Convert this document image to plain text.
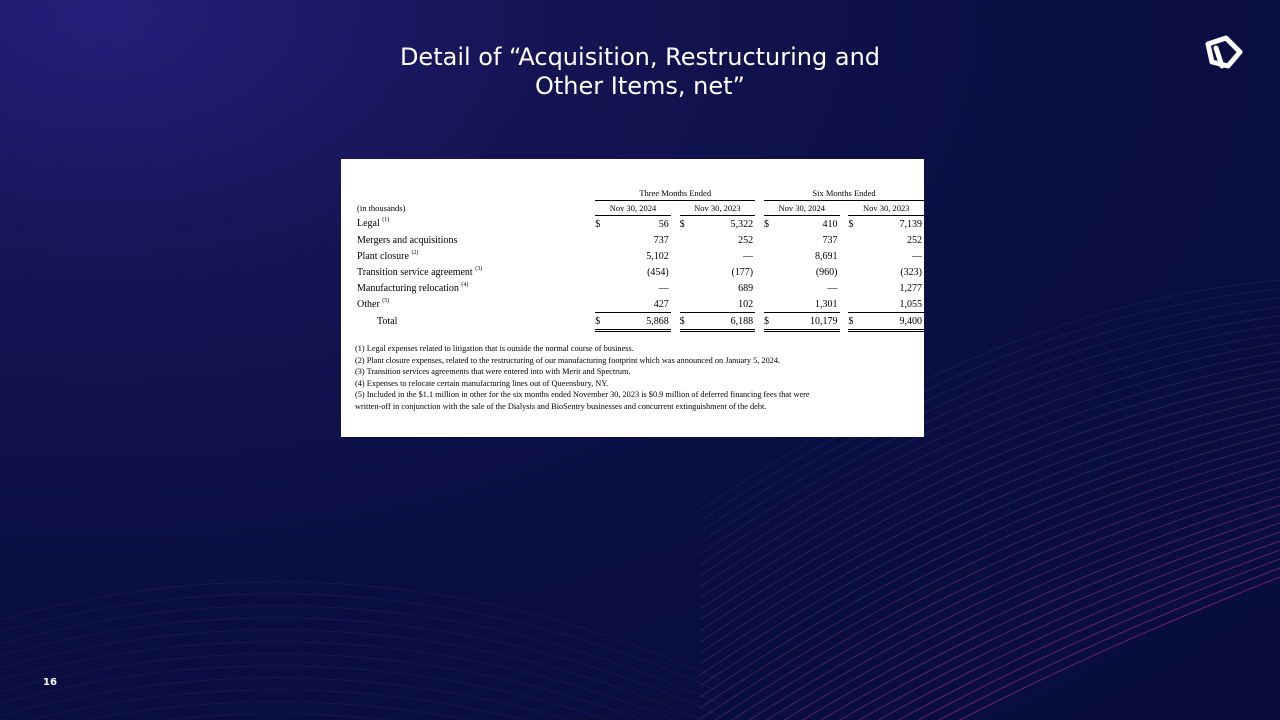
Detail of “Acquisition, Restructuring and
Other Items, net”
	Three Months Ended						Six Months Ended				
(in thousands)	Nov 30, 2024			Nov 30, 2023			Nov 30, 2024			Nov 30, 2023	
Legal $^{(1)}$	$	56		$	5,322		$	410		$	7,139
Mergers and acquisitions		737			252			737			252
Plant closure $^{(2)}$		5,102			—			8,691			—
Transition service agreement $^{(3)}$		(454)			(177)			(960)			(323)
Manufacturing relocation $^{(4)}$		—			689			—			1,277
Other $^{(5)}$		427			102			1,301			1,055
Total	$	5,868		$	6,188		$	10,179		$	9,400
(1) Legal expenses related to litigation that is outside the normal course of business.
(2) Plant closure expenses, related to the restructuring of our manufacturing footprint which was announced on January 5, 2024.
(3) Transition services agreements that were entered into with Merit and Spectrum.
(4) Expenses to relocate certain manufacturing lines out of Queensbury, NY.
(5) Included in the $1.1 million in other for the six months ended November 30, 2023 is $0.9 million of deferred financing fees that were
written-off in conjunction with the sale of the Dialysis and BioSentry businesses and concurrent extinguishment of the debt.
16
